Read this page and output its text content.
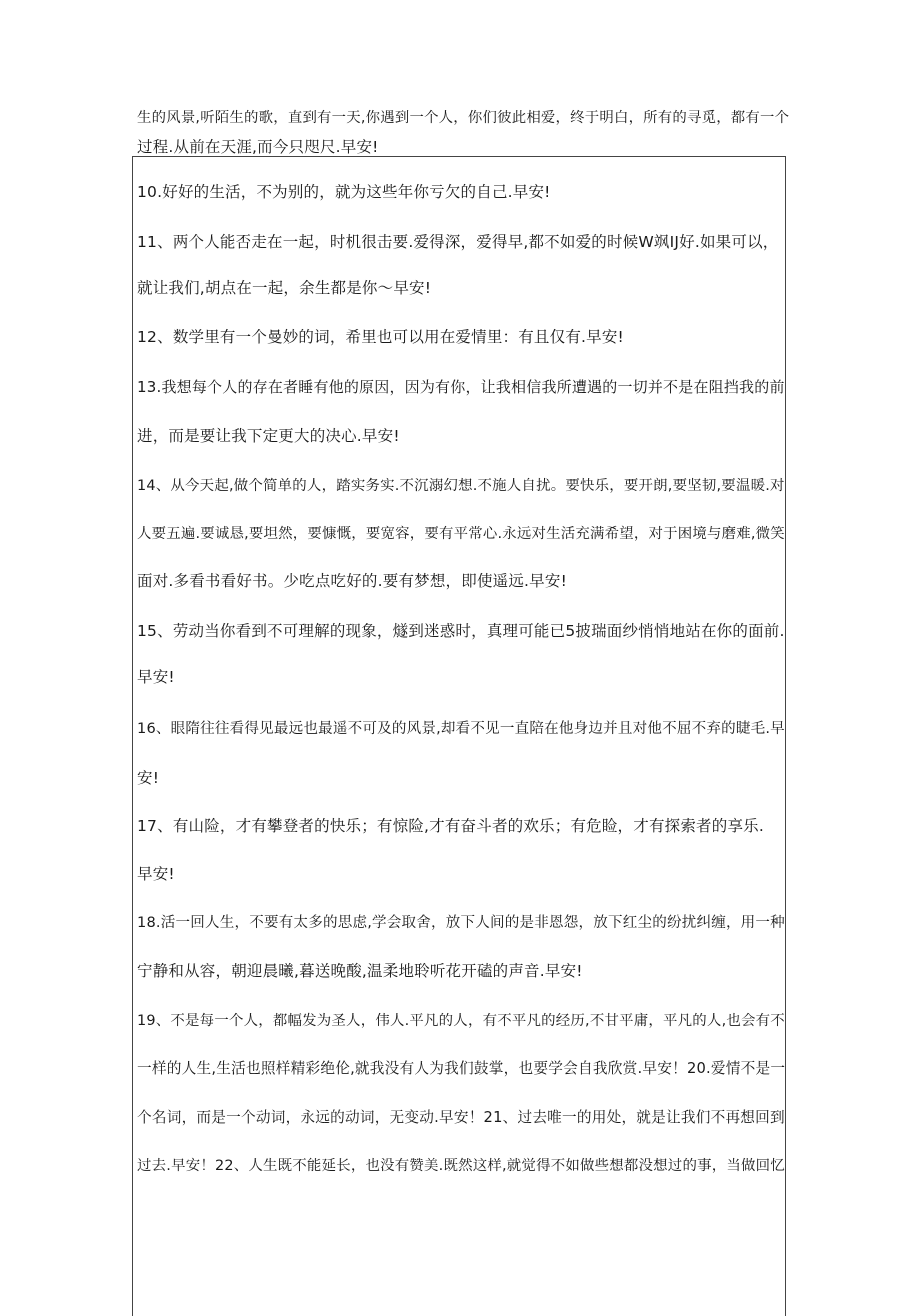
生的风景,听陌生的歌，直到有一天,你遇到一个人，你们彼此相爱，终于明白，所有的寻觅，都有一个
过程.从前在天涯,而今只咫尺.早安!
10.好好的生活，不为别的，就为这些年你亏欠的自己.早安!
11、两个人能否走在一起，时机很击要.爱得深，爱得早,都不如爱的时候W飒IJ好.如果可以，
就让我们,胡点在一起，余生都是你〜早安!
12、数学里有一个曼妙的词，希里也可以用在爱情里：有且仅有.早安!
13.我想每个人的存在者睡有他的原因，因为有你，让我相信我所遭遇的一切并不是在阻挡我的前
进，而是要让我下定更大的决心.早安!
14、从今天起,做个简单的人，踏实务实.不沉溺幻想.不施人自扰。要快乐，要开朗,要坚韧,要温暖.对
人要五遍.要诚恳,要坦然，要慷慨，要宽容，要有平常心.永远对生活充满希望，对于困境与磨难,微笑
面对.多看书看好书。少吃点吃好的.要有梦想，即使遥远.早安!
15、劳动当你看到不可理解的现象，燧到迷惑时，真理可能已5披瑞面纱悄悄地站在你的面前.
早安!
16、眼隋往往看得见最远也最遥不可及的风景,却看不见一直陪在他身边并且对他不屈不弃的睫毛.早
安!
17、有山险，才有攀登者的快乐；有惊险,才有奋斗者的欢乐；有危睑，才有探索者的享乐.
早安!
18.活一回人生，不要有太多的思虑,学会取舍，放下人间的是非恩怨，放下红尘的纷扰纠缠，用一种
宁静和从容，朝迎晨曦,暮送晚酸,温柔地聆听花开磕的声音.早安!
19、不是每一个人，都幅发为圣人，伟人.平凡的人，有不平凡的经历,不甘平庸，平凡的人,也会有不
一样的人生,生活也照样精彩绝伦,就我没有人为我们鼓掌，也要学会自我欣赏.早安！20.爱情不是一
个名词，而是一个动词，永远的动词，无变动.早安！21、过去唯一的用处，就是让我们不再想回到
过去.早安！22、人生既不能延长，也没有赞美.既然这样,就觉得不如做些想都没想过的事，当做回忆
